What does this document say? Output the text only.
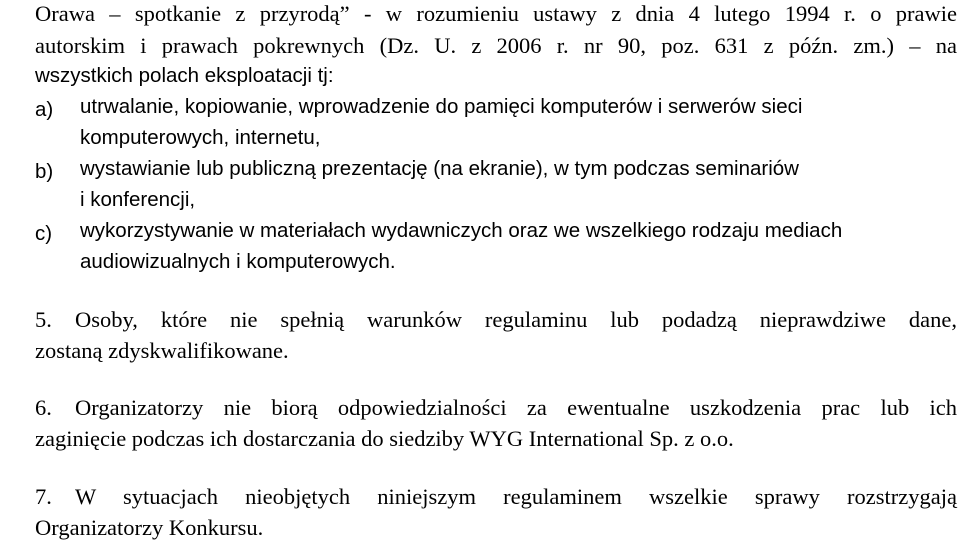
Orawa – spotkanie z przyrodą” - w rozumieniu ustawy z dnia 4 lutego 1994 r. o prawie
autorskim i prawach pokrewnych (Dz. U. z 2006 r. nr 90, poz. 631 z późn. zm.) – na
wszystkich polach eksploatacji tj:
a) utrwalanie, kopiowanie, wprowadzenie do pamięci komputerów i serwerów sieci
komputerowych, internetu,
b) wystawianie lub publiczną prezentację (na ekranie), w tym podczas seminariów
i konferencji,
c) wykorzystywanie w materiałach wydawniczych oraz we wszelkiego rodzaju mediach
audiowizualnych i komputerowych.
5. Osoby, które nie spełnią warunków regulaminu lub podadzą nieprawdziwe dane,
zostaną zdyskwalifikowane.
6. Organizatorzy nie biorą odpowiedzialności za ewentualne uszkodzenia prac lub ich
zaginięcie podczas ich dostarczania do siedziby WYG International Sp. z o.o.
7. W sytuacjach nieobjętych niniejszym regulaminem wszelkie sprawy rozstrzygają
Organizatorzy Konkursu.
